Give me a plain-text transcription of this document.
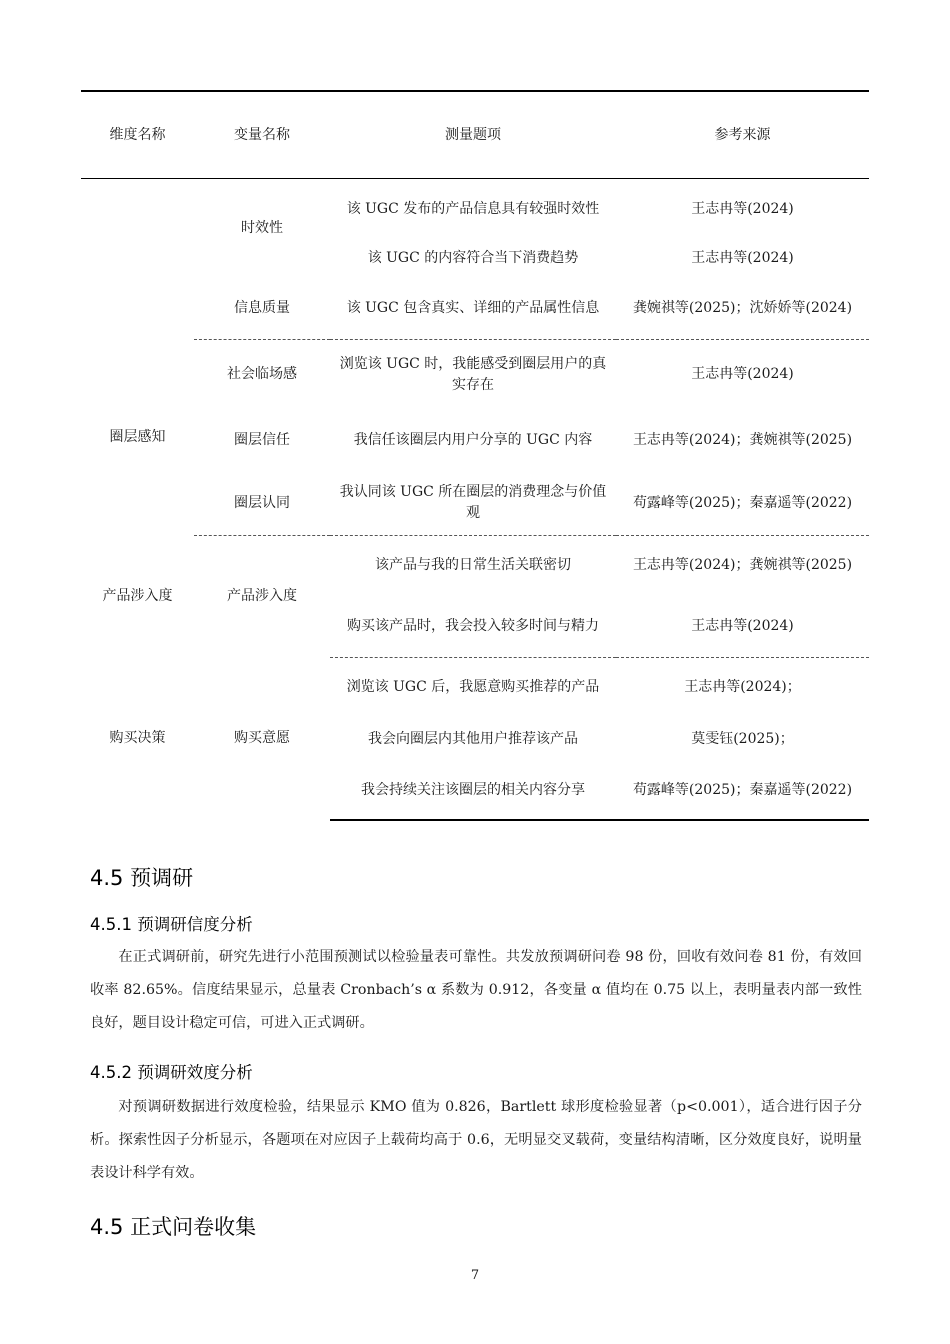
维度名称	变量名称	测量题项	参考来源
	时效性	该 UGC 发布的产品信息具有较强时效性	王志冉等(2024)
		该 UGC 的内容符合当下消费趋势	王志冉等(2024)
	信息质量	该 UGC 包含真实、详细的产品属性信息	龚婉祺等(2025)；沈娇娇等(2024)
圈层感知	社会临场感	浏览该 UGC 时，我能感受到圈层用户的真实存在	王志冉等(2024)
	圈层信任	我信任该圈层内用户分享的 UGC 内容	王志冉等(2024)；龚婉祺等(2025)
	圈层认同	我认同该 UGC 所在圈层的消费理念与价值观	苟露峰等(2025)；秦嘉遥等(2022)
产品涉入度	产品涉入度	该产品与我的日常生活关联密切	王志冉等(2024)；龚婉祺等(2025)
		购买该产品时，我会投入较多时间与精力	王志冉等(2024)
购买决策	购买意愿	浏览该 UGC 后，我愿意购买推荐的产品	王志冉等(2024)；
		我会向圈层内其他用户推荐该产品	莫雯钰(2025)；
		我会持续关注该圈层的相关内容分享	苟露峰等(2025)；秦嘉遥等(2022)
4.5 预调研
4.5.1 预调研信度分析

在正式调研前，研究先进行小范围预测试以检验量表可靠性。共发放预调研问卷 98 份，回收有效问卷 81 份，有效回收率 82.65%。信度结果显示，总量表 Cronbach’s α 系数为 0.912，各变量 α 值均在 0.75 以上，表明量表内部一致性良好，题目设计稳定可信，可进入正式调研。

4.5.2 预调研效度分析

对预调研数据进行效度检验，结果显示 KMO 值为 0.826，Bartlett 球形度检验显著（p<0.001），适合进行因子分析。探索性因子分析显示，各题项在对应因子上载荷均高于 0.6，无明显交叉载荷，变量结构清晰，区分效度良好，说明量表设计科学有效。

4.5 正式问卷收集
7
